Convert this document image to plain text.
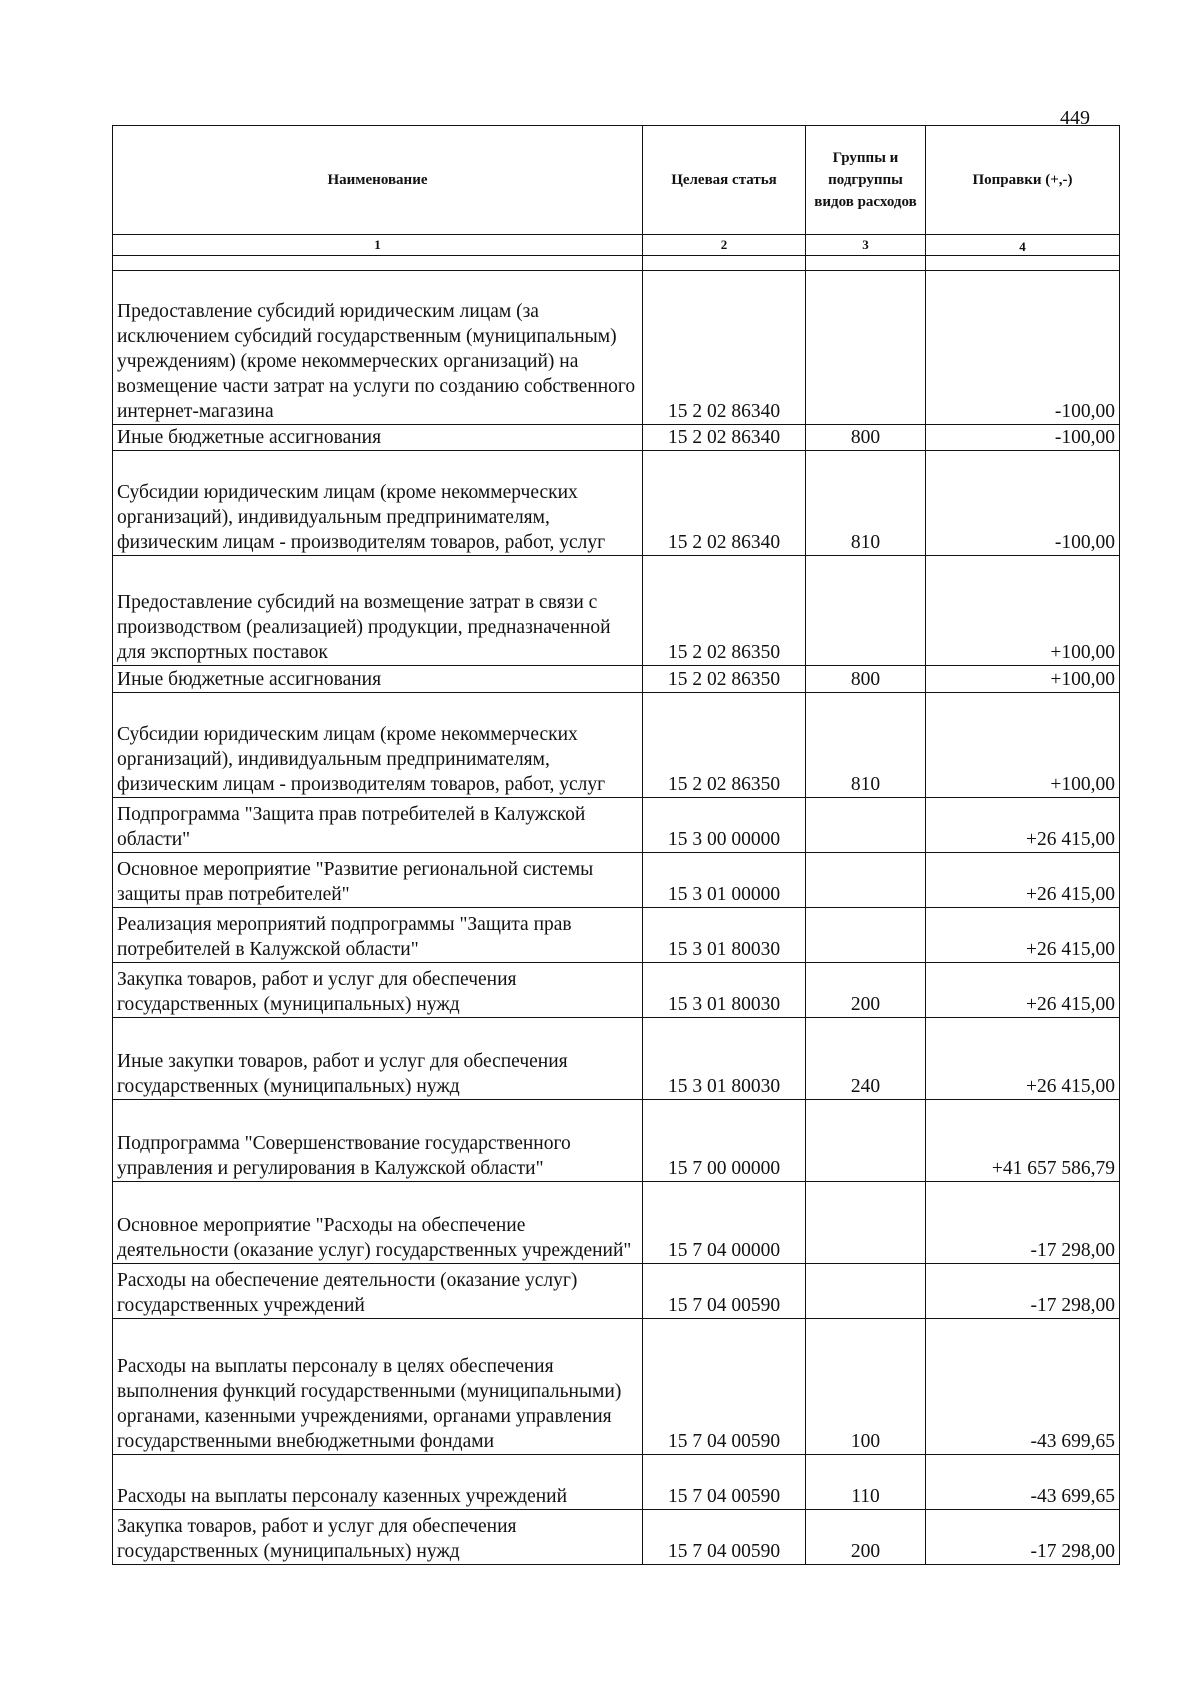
449
Наименование	Целевая статья	Группы и подгруппы видов расходов	Поправки (+,-)
1	2	3	4

Предоставление субсидий юридическим лицам (за исключением субсидий государственным (муниципальным) учреждениям) (кроме некоммерческих организаций) на возмещение части затрат на услуги по созданию собственного интернет-магазина	15 2 02 86340		-100,00
Иные бюджетные ассигнования	15 2 02 86340	800	-100,00
Субсидии юридическим лицам (кроме некоммерческих организаций), индивидуальным предпринимателям, физическим лицам - производителям товаров, работ, услуг	15 2 02 86340	810	-100,00
Предоставление субсидий на возмещение затрат в связи с производством (реализацией) продукции, предназначенной для экспортных поставок	15 2 02 86350		+100,00
Иные бюджетные ассигнования	15 2 02 86350	800	+100,00
Субсидии юридическим лицам (кроме некоммерческих организаций), индивидуальным предпринимателям, физическим лицам - производителям товаров, работ, услуг	15 2 02 86350	810	+100,00
Подпрограмма "Защита прав потребителей в Калужской области"	15 3 00 00000		+26 415,00
Основное мероприятие "Развитие региональной системы защиты прав потребителей"	15 3 01 00000		+26 415,00
Реализация мероприятий подпрограммы "Защита прав потребителей в Калужской области"	15 3 01 80030		+26 415,00
Закупка товаров, работ и услуг для обеспечения государственных (муниципальных) нужд	15 3 01 80030	200	+26 415,00
Иные закупки товаров, работ и услуг для обеспечения государственных (муниципальных) нужд	15 3 01 80030	240	+26 415,00
Подпрограмма "Совершенствование государственного управления и регулирования в Калужской области"	15 7 00 00000		+41 657 586,79
Основное мероприятие "Расходы на обеспечение деятельности (оказание услуг) государственных учреждений"	15 7 04 00000		-17 298,00
Расходы на обеспечение деятельности (оказание услуг) государственных учреждений	15 7 04 00590		-17 298,00
Расходы на выплаты персоналу в целях обеспечения выполнения функций государственными (муниципальными) органами, казенными учреждениями, органами управления государственными внебюджетными фондами	15 7 04 00590	100	-43 699,65
Расходы на выплаты персоналу казенных учреждений	15 7 04 00590	110	-43 699,65
Закупка товаров, работ и услуг для обеспечения государственных (муниципальных) нужд	15 7 04 00590	200	-17 298,00
